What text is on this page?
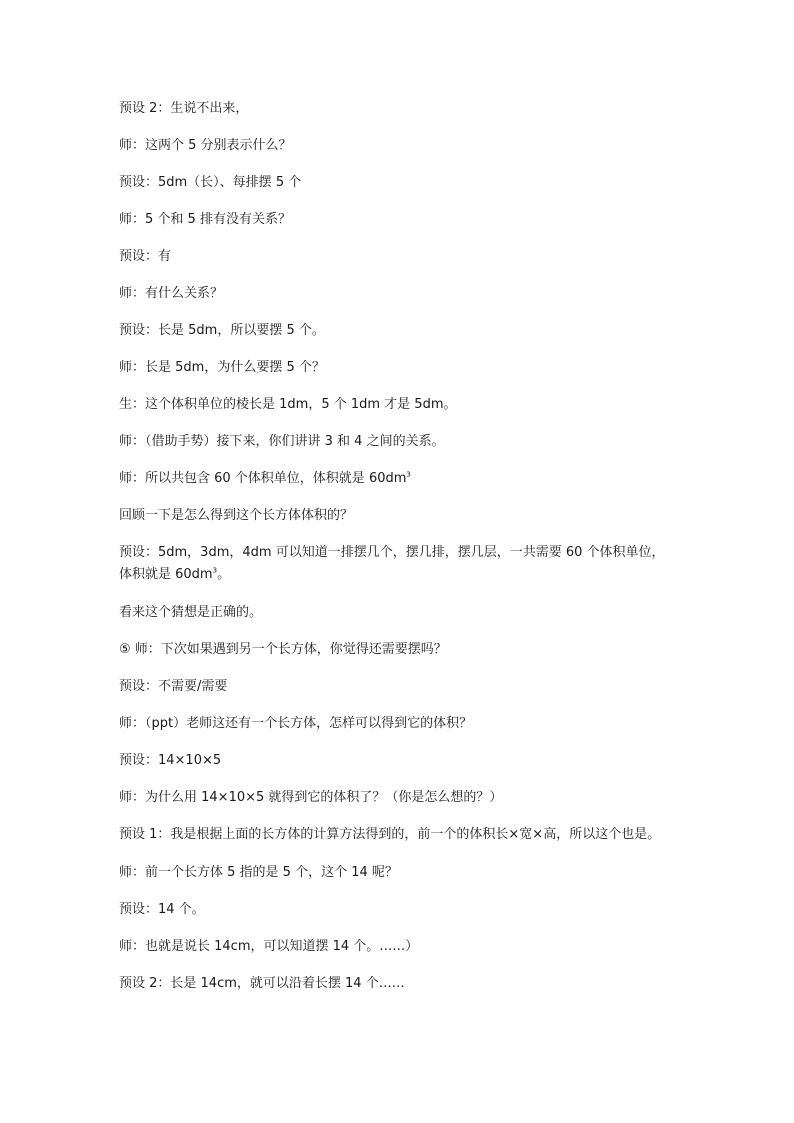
预设 2：生说不出来，

师：这两个 5 分别表示什么？

预设：5dm（长）、每排摆 5 个

师：5 个和 5 排有没有关系？

预设：有

师：有什么关系？

预设：长是 5dm，所以要摆 5 个。

师：长是 5dm，为什么要摆 5 个？

生：这个体积单位的棱长是 1dm，5 个 1dm 才是 5dm。

师：（借助手势）接下来，你们讲讲 3 和 4 之间的关系。

师：所以共包含 60 个体积单位，体积就是 $60dm^3$

回顾一下是怎么得到这个长方体体积的？

预设：5dm，3dm，4dm 可以知道一排摆几个，摆几排，摆几层，一共需要 60 个体积单位，体积就是 $60dm^3$。

看来这个猜想是正确的。

⑤ 师：下次如果遇到另一个长方体，你觉得还需要摆吗？

预设：不需要/需要

师：（ppt）老师这还有一个长方体，怎样可以得到它的体积？

预设：14×10×5

师：为什么用 14×10×5 就得到它的体积了？（你是怎么想的？）

预设 1：我是根据上面的长方体的计算方法得到的，前一个的体积长×宽×高，所以这个也是。

师：前一个长方体 5 指的是 5 个，这个 14 呢？

预设：14 个。

师：也就是说长 14cm，可以知道摆 14 个。……）

预设 2：长是 14cm，就可以沿着长摆 14 个……
